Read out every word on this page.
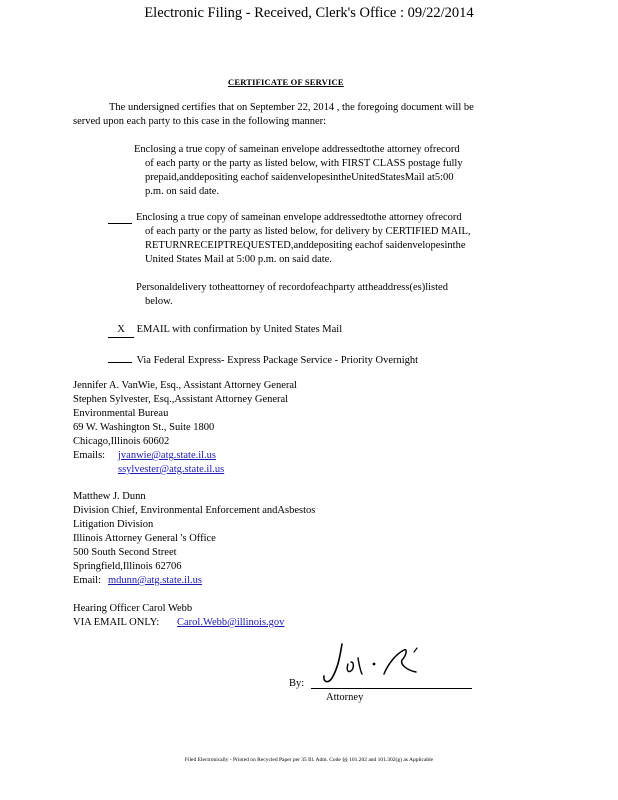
Electronic Filing - Received, Clerk's Office : 09/22/2014
CERTIFICATE OF SERVICE
The undersigned certifies that on September 22, 2014 , the foregoing document will be
served upon each party to this case in the following manner:
Enclosing a true copy of sameinan envelope addressedtothe attorney ofrecord
of each party or the party as listed below, with FIRST CLASS postage fully
prepaid,anddepositing eachof saidenvelopesintheUnitedStatesMail at5:00
p.m. on said date.
Enclosing a true copy of sameinan envelope addressedtothe attorney ofrecord
of each party or the party as listed below, for delivery by CERTIFIED MAIL,
RETURNRECEIPTREQUESTED,anddepositing eachof saidenvelopesinthe
United States Mail at 5:00 p.m. on said date.
Personaldelivery totheattorney of recordofeachparty attheaddress(es)listed
below.
X EMAIL with confirmation by United States Mail
Via Federal Express- Express Package Service - Priority Overnight
Jennifer A. VanWie, Esq., Assistant Attorney General
Stephen Sylvester, Esq.,Assistant Attorney General
Environmental Bureau
69 W. Washington St., Suite 1800
Chicago,Illinois 60602
Emails: jvanwie@atg.state.il.us
ssylvester@atg.state.il.us
Matthew J. Dunn
Division Chief, Environmental Enforcement andAsbestos
Litigation Division
Illinois Attorney General 's Office
500 South Second Street
Springfield,Illinois 62706
Email: mdunn@atg.state.il.us
Hearing Officer Carol Webb
VIA EMAIL ONLY: Carol.Webb@illinois.gov
By:
Attorney
Filed Electronically - Printed on Recycled Paper per 35 Ill. Adm. Code §§ 101.202 and 101.302(g) as Applicable
